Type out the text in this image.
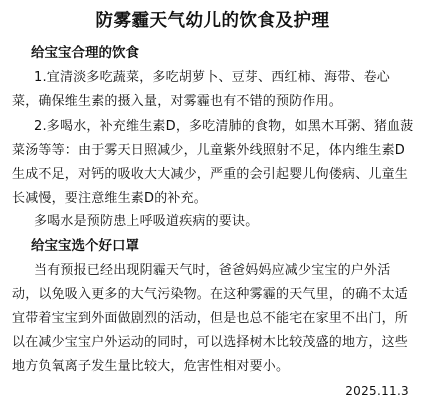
防雾霾天气幼儿的饮食及护理
给宝宝合理的饮食

1.宜清淡多吃蔬菜，多吃胡萝卜、豆芽、西红柿、海带、卷心菜，确保维生素的摄入量，对雾霾也有不错的预防作用。

2.多喝水，补充维生素D，多吃清肺的食物，如黑木耳粥、猪血菠菜汤等等：由于雾天日照减少，儿童紫外线照射不足，体内维生素D生成不足，对钙的吸收大大减少，严重的会引起婴儿佝偻病、儿童生长减慢，要注意维生素D的补充。

多喝水是预防患上呼吸道疾病的要诀。

给宝宝选个好口罩

当有预报已经出现阴霾天气时，爸爸妈妈应减少宝宝的户外活动，以免吸入更多的大气污染物。在这种雾霾的天气里，的确不太适宜带着宝宝到外面做剧烈的活动，但是也总不能宅在家里不出门，所以在减少宝宝户外运动的同时，可以选择树木比较茂盛的地方，这些地方负氧离子发生量比较大，危害性相对要小。

2025.11.3
